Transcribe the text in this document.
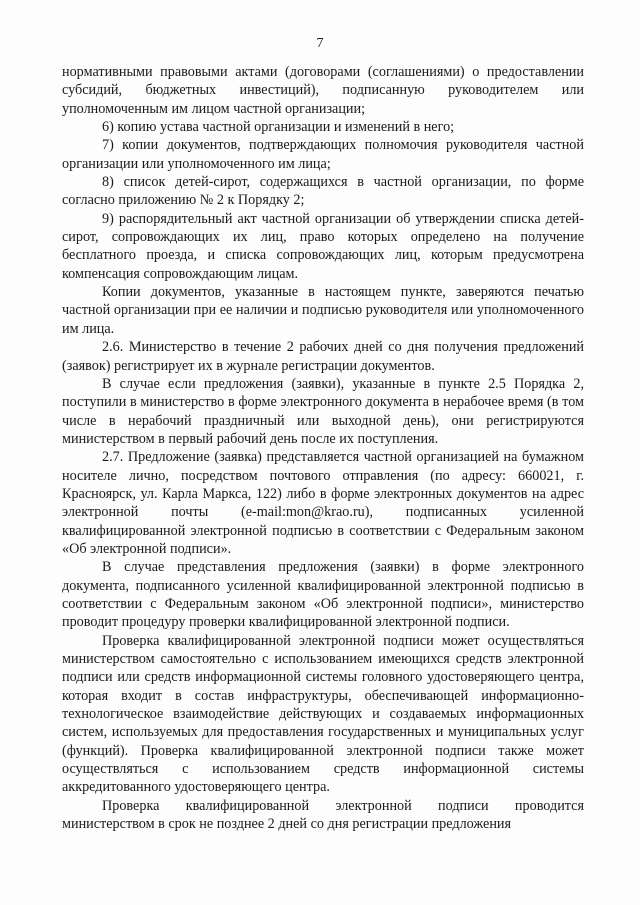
7

нормативными правовыми актами (договорами (соглашениями) о предоставлении субсидий, бюджетных инвестиций), подписанную руководителем или уполномоченным им лицом частной организации;

6) копию устава частной организации и изменений в него;

7) копии документов, подтверждающих полномочия руководителя частной организации или уполномоченного им лица;

8) список детей-сирот, содержащихся в частной организации, по форме согласно приложению № 2 к Порядку 2;

9) распорядительный акт частной организации об утверждении списка детей-сирот, сопровождающих их лиц, право которых определено на получение бесплатного проезда, и списка сопровождающих лиц, которым предусмотрена компенсация сопровождающим лицам.

Копии документов, указанные в настоящем пункте, заверяются печатью частной организации при ее наличии и подписью руководителя или уполномоченного им лица.

2.6. Министерство в течение 2 рабочих дней со дня получения предложений (заявок) регистрирует их в журнале регистрации документов.

В случае если предложения (заявки), указанные в пункте 2.5 Порядка 2, поступили в министерство в форме электронного документа в нерабочее время (в том числе в нерабочий праздничный или выходной день), они регистрируются министерством в первый рабочий день после их поступления.

2.7. Предложение (заявка) представляется частной организацией на бумажном носителе лично, посредством почтового отправления (по адресу: 660021, г. Красноярск, ул. Карла Маркса, 122) либо в форме электронных документов на адрес электронной почты (e-mail:mon@krao.ru), подписанных усиленной квалифицированной электронной подписью в соответствии с Федеральным законом «Об электронной подписи».

В случае представления предложения (заявки) в форме электронного документа, подписанного усиленной квалифицированной электронной подписью в соответствии с Федеральным законом «Об электронной подписи», министерство проводит процедуру проверки квалифицированной электронной подписи.

Проверка квалифицированной электронной подписи может осуществляться министерством самостоятельно с использованием имеющихся средств электронной подписи или средств информационной системы головного удостоверяющего центра, которая входит в состав инфраструктуры, обеспечивающей информационно-технологическое взаимодействие действующих и создаваемых информационных систем, используемых для предоставления государственных и муниципальных услуг (функций). Проверка квалифицированной электронной подписи также может осуществляться с использованием средств информационной системы аккредитованного удостоверяющего центра.

Проверка квалифицированной электронной подписи проводится министерством в срок не позднее 2 дней со дня регистрации предложения
